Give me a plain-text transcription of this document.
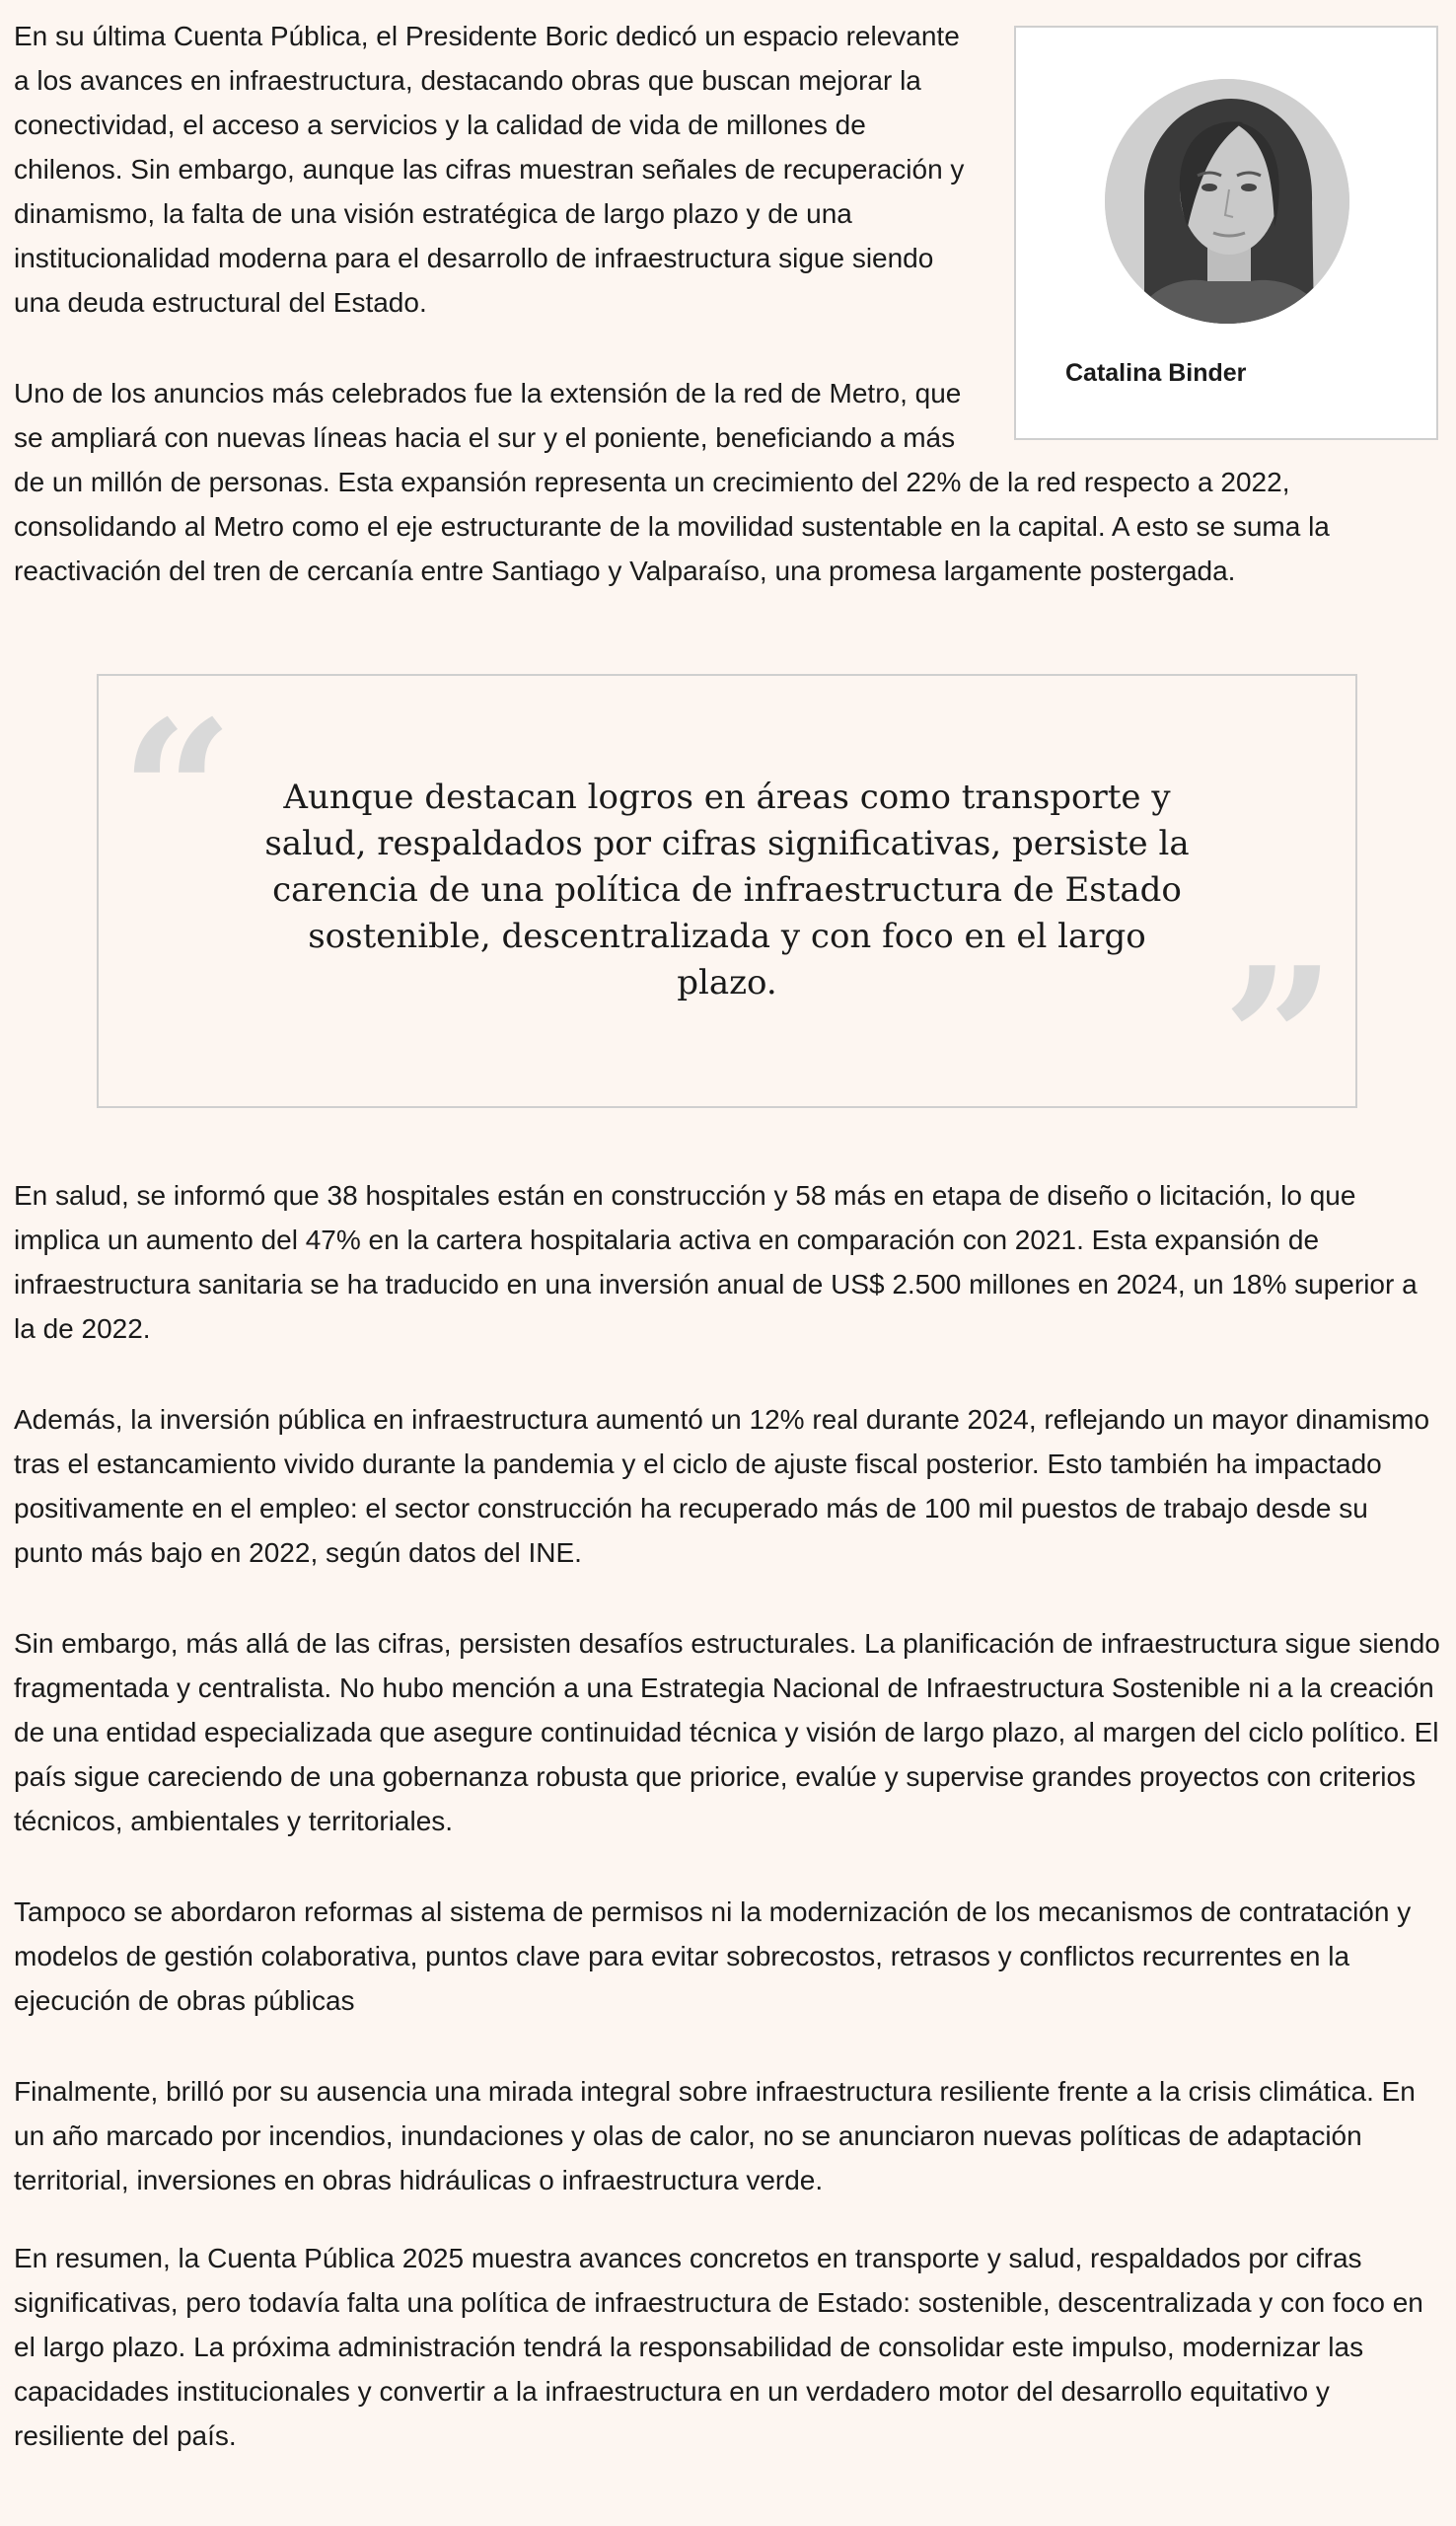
Catalina Binder

En su última Cuenta Pública, el Presidente Boric dedicó un espacio relevante a los avances en infraestructura, destacando obras que buscan mejorar la conectividad, el acceso a servicios y la calidad de vida de millones de chilenos. Sin embargo, aunque las cifras muestran señales de recuperación y dinamismo, la falta de una visión estratégica de largo plazo y de una institucionalidad moderna para el desarrollo de infraestructura sigue siendo una deuda estructural del Estado.

Uno de los anuncios más celebrados fue la extensión de la red de Metro, que se ampliará con nuevas líneas hacia el sur y el poniente, beneficiando a más de un millón de personas. Esta expansión representa un crecimiento del 22% de la red respecto a 2022, consolidando al Metro como el eje estructurante de la movilidad sustentable en la capital. A esto se suma la reactivación del tren de cercanía entre Santiago y Valparaíso, una promesa largamente postergada.

“	Aunque destacan logros en áreas como transporte y salud, respaldados por cifras significativas, persiste la carencia de una política de infraestructura de Estado sostenible, descentralizada y con foco en el largo plazo.	”

En salud, se informó que 38 hospitales están en construcción y 58 más en etapa de diseño o licitación, lo que implica un aumento del 47% en la cartera hospitalaria activa en comparación con 2021. Esta expansión de infraestructura sanitaria se ha traducido en una inversión anual de US$ 2.500 millones en 2024, un 18% superior a la de 2022.

Además, la inversión pública en infraestructura aumentó un 12% real durante 2024, reflejando un mayor dinamismo tras el estancamiento vivido durante la pandemia y el ciclo de ajuste fiscal posterior. Esto también ha impactado positivamente en el empleo: el sector construcción ha recuperado más de 100 mil puestos de trabajo desde su punto más bajo en 2022, según datos del INE.

Sin embargo, más allá de las cifras, persisten desafíos estructurales. La planificación de infraestructura sigue siendo fragmentada y centralista. No hubo mención a una Estrategia Nacional de Infraestructura Sostenible ni a la creación de una entidad especializada que asegure continuidad técnica y visión de largo plazo, al margen del ciclo político. El país sigue careciendo de una gobernanza robusta que priorice, evalúe y supervise grandes proyectos con criterios técnicos, ambientales y territoriales.

Tampoco se abordaron reformas al sistema de permisos ni la modernización de los mecanismos de contratación y modelos de gestión colaborativa, puntos clave para evitar sobrecostos, retrasos y conflictos recurrentes en la ejecución de obras públicas

Finalmente, brilló por su ausencia una mirada integral sobre infraestructura resiliente frente a la crisis climática. En un año marcado por incendios, inundaciones y olas de calor, no se anunciaron nuevas políticas de adaptación territorial, inversiones en obras hidráulicas o infraestructura verde.

En resumen, la Cuenta Pública 2025 muestra avances concretos en transporte y salud, respaldados por cifras significativas, pero todavía falta una política de infraestructura de Estado: sostenible, descentralizada y con foco en el largo plazo. La próxima administración tendrá la responsabilidad de consolidar este impulso, modernizar las capacidades institucionales y convertir a la infraestructura en un verdadero motor del desarrollo equitativo y resiliente del país.
